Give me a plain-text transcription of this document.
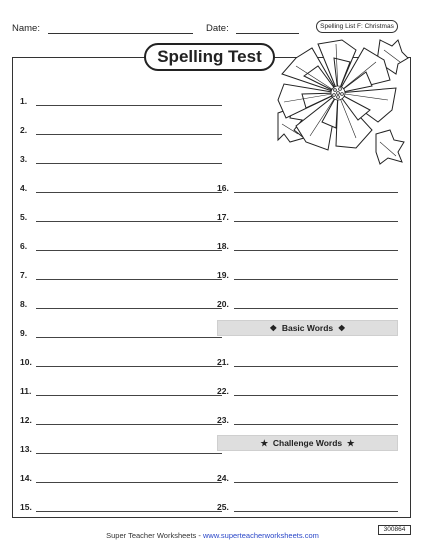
Name:	Date:	Spelling List F: Christmas
Spelling Test
1.
2.
3.
4.
5.
6.
7.
8.
9.
10.
11.
12.
13.
14.
15.
16.
17.
18.
19.
20.
❖ Basic Words ❖
21.
22.
23.
★ Challenge Words ★
24.
25.
300864
Super Teacher Worksheets - www.superteacherworksheets.com
